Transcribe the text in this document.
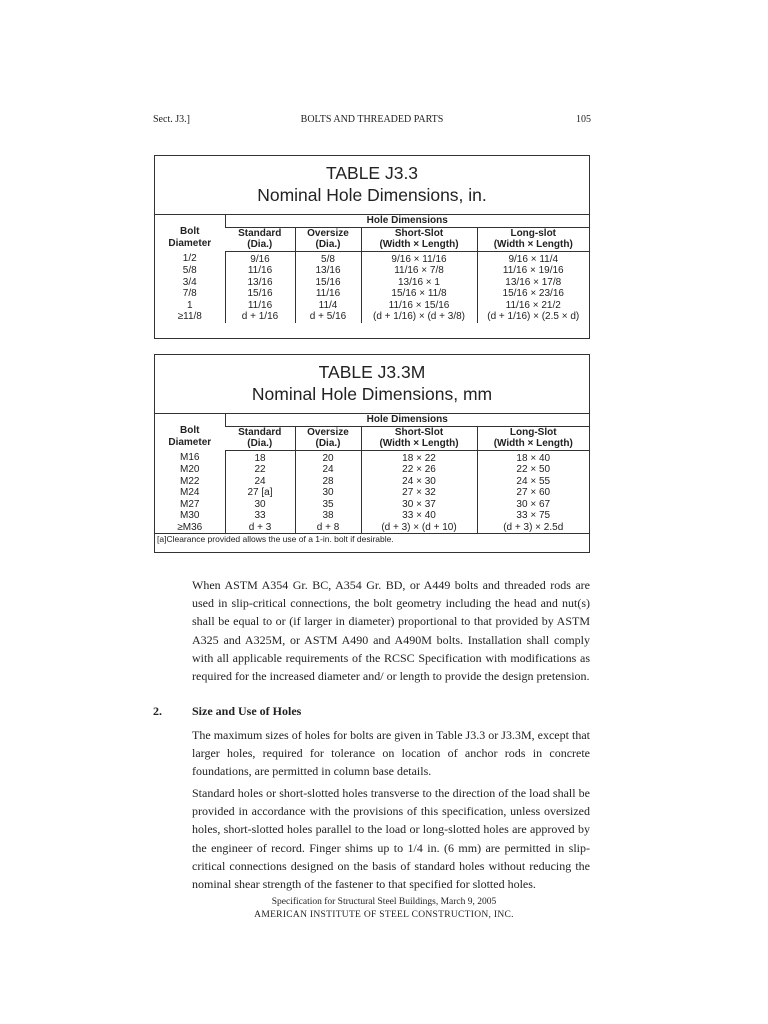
Sect. J3.]	BOLTS AND THREADED PARTS	105
TABLE J3.3
Nominal Hole Dimensions, in.
Bolt
Diameter	Hole Dimensions			
	Standard	Oversize	Short-Slot	Long-slot
	(Dia.)	(Dia.)	(Width × Length)	(Width × Length)
1/2	9/16	5/8	9/16 × 11/16	9/16 × 11/4
5/8	11/16	13/16	11/16 × 7/8	11/16 × 19/16
3/4	13/16	15/16	13/16 × 1	13/16 × 17/8
7/8	15/16	11/16	15/16 × 11/8	15/16 × 23/16
1	11/16	11/4	11/16 × 15/16	11/16 × 21/2
≥11/8	d + 1/16	d + 5/16	(d + 1/16) × (d + 3/8)	(d + 1/16) × (2.5 × d)
TABLE J3.3M
Nominal Hole Dimensions, mm
Bolt
Diameter	Hole Dimensions			
	Standard	Oversize	Short-Slot	Long-Slot
	(Dia.)	(Dia.)	(Width × Length)	(Width × Length)
M16	18	20	18 × 22	18 × 40
M20	22	24	22 × 26	22 × 50
M22	24	28	24 × 30	24 × 55
M24	27 [a]	30	27 × 32	27 × 60
M27	30	35	30 × 37	30 × 67
M30	33	38	33 × 40	33 × 75
≥M36	d + 3	d + 8	(d + 3) × (d + 10)	(d + 3) × 2.5d
[a]Clearance provided allows the use of a 1-in. bolt if desirable.				

When ASTM A354 Gr. BC, A354 Gr. BD, or A449 bolts and threaded rods are used in slip-critical connections, the bolt geometry including the head and nut(s) shall be equal to or (if larger in diameter) proportional to that provided by ASTM A325 and A325M, or ASTM A490 and A490M bolts. Installation shall comply with all applicable requirements of the RCSC Specification with modifications as required for the increased diameter and/ or length to provide the design pretension.

2.	Size and Use of Holes

The maximum sizes of holes for bolts are given in Table J3.3 or J3.3M, except that larger holes, required for tolerance on location of anchor rods in concrete foundations, are permitted in column base details.

Standard holes or short-slotted holes transverse to the direction of the load shall be provided in accordance with the provisions of this specification, unless oversized holes, short-slotted holes parallel to the load or long-slotted holes are approved by the engineer of record. Finger shims up to 1/4 in. (6 mm) are permitted in slip-critical connections designed on the basis of standard holes without reducing the nominal shear strength of the fastener to that specified for slotted holes.

Specification for Structural Steel Buildings, March 9, 2005
AMERICAN INSTITUTE OF STEEL CONSTRUCTION, INC.
